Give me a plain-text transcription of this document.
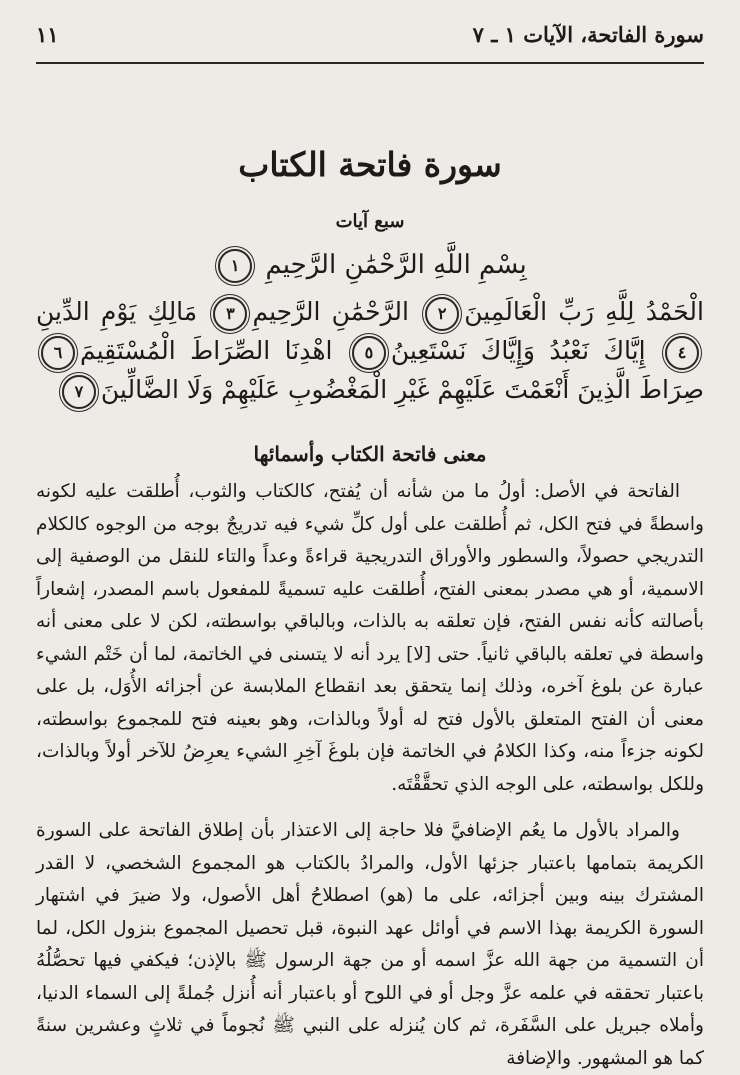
سورة الفاتحة، الآيات ١ ـ ٧
١١
سورة فاتحة الكتاب
سبع آيات
بِسْمِ اللَّهِ الرَّحْمَٰنِ الرَّحِيمِ ١
الْحَمْدُ لِلَّهِ رَبِّ الْعَالَمِينَ٢ الرَّحْمَٰنِ الرَّحِيمِ٣ مَالِكِ يَوْمِ الدِّينِ٤ إِيَّاكَ نَعْبُدُ وَإِيَّاكَ نَسْتَعِينُ٥ اهْدِنَا الصِّرَاطَ الْمُسْتَقِيمَ٦ صِرَاطَ الَّذِينَ أَنْعَمْتَ عَلَيْهِمْ غَيْرِ الْمَغْضُوبِ عَلَيْهِمْ وَلَا الضَّالِّينَ٧
معنى فاتحة الكتاب وأسمائها

الفاتحة في الأصل: أولُ ما من شأنه أن يُفتح، كالكتاب والثوب، أُطلقت عليه لكونه واسطةً في فتح الكل، ثم أُطلقت على أول كلِّ شيء فيه تدريجٌ بوجه من الوجوه كالكلام التدريجي حصولاً، والسطور والأوراق التدريجية قراءةً وعداً والتاء للنقل من الوصفية إلى الاسمية، أو هي مصدر بمعنى الفتح، أُطلقت عليه تسميةً للمفعول باسم المصدر، إشعاراً بأصالته كأنه نفس الفتح، فإن تعلقه به بالذات، وبالباقي بواسطته، لكن لا على معنى أنه واسطة في تعلقه بالباقي ثانياً. حتى [لا] يرد أنه لا يتسنى في الخاتمة، لما أن خَتْم الشيء عبارة عن بلوغ آخره، وذلك إنما يتحقق بعد انقطاع الملابسة عن أجزائه الأُوَل، بل على معنى أن الفتح المتعلق بالأول فتح له أولاً وبالذات، وهو بعينه فتح للمجموع بواسطته، لكونه جزءاً منه، وكذا الكلامُ في الخاتمة فإن بلوغَ آخِرِ الشيء يعرِضُ للآخر أولاً وبالذات، وللكل بواسطته، على الوجه الذي تحقَّقْتَه.

والمراد بالأول ما يعُم الإضافيَّ فلا حاجة إلى الاعتذار بأن إطلاق الفاتحة على السورة الكريمة بتمامها باعتبار جزئها الأول، والمرادُ بالكتاب هو المجموع الشخصي، لا القدر المشترك بينه وبين أجزائه، على ما (هو) اصطلاحُ أهل الأصول، ولا ضيرَ في اشتهار السورة الكريمة بهذا الاسم في أوائل عهد النبوة، قبل تحصيل المجموع بنزول الكل، لما أن التسمية من جهة الله عزَّ اسمه أو من جهة الرسول ﷺ بالإذن؛ فيكفي فيها تحصُّلُهُ باعتبار تحققه في علمه عزَّ وجل أو في اللوح أو باعتبار أنه أُنزل جُملةً إلى السماء الدنيا، وأملاه جبريل على السَّفَرة، ثم كان يُنزله على النبي ﷺ نُجوماً في ثلاثٍ وعشرين سنةً كما هو المشهور. والإضافة
